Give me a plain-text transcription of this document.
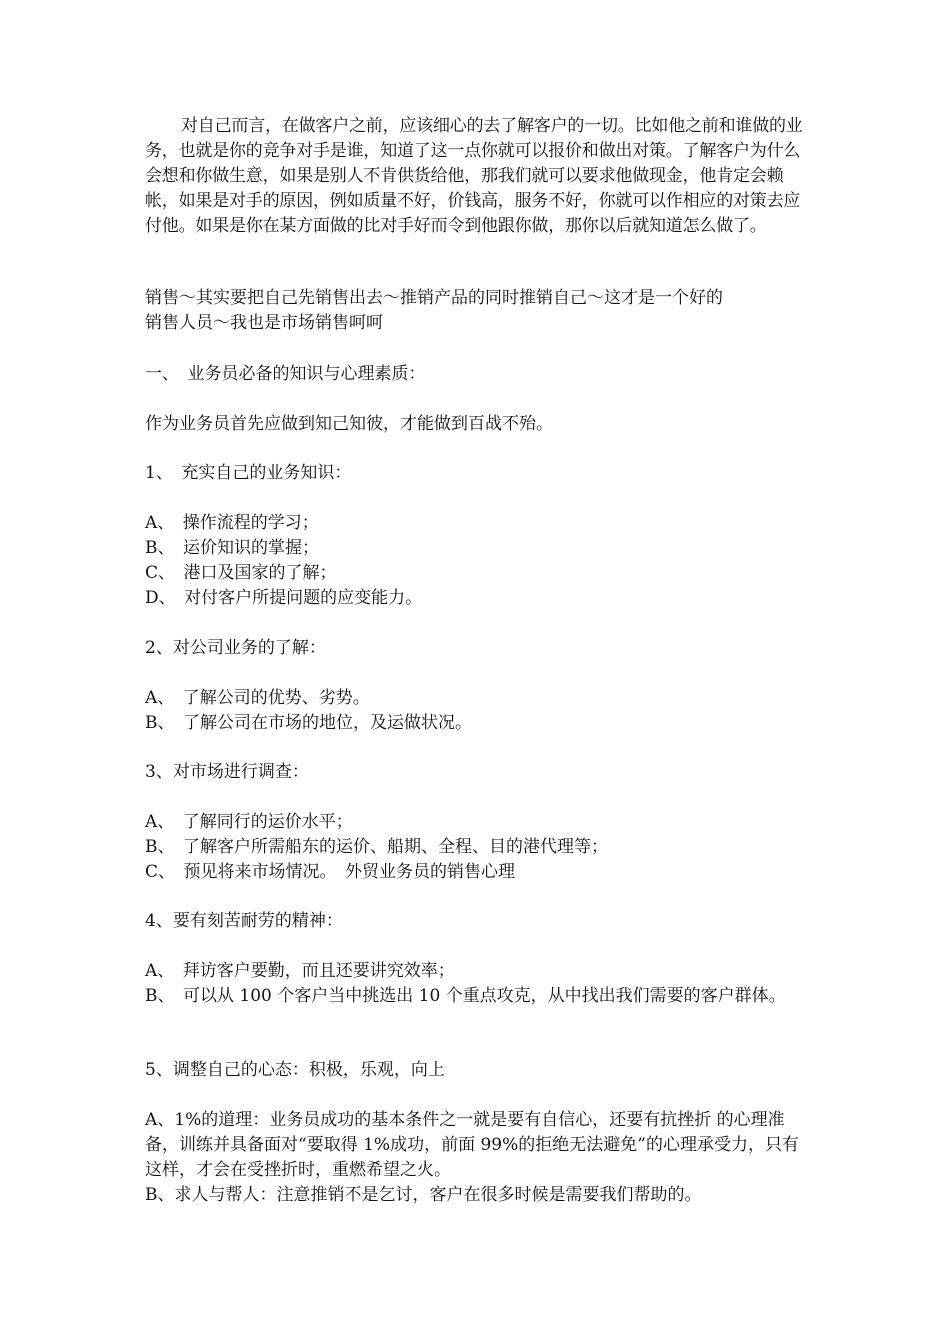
对自己而言，在做客户之前，应该细心的去了解客户的一切。比如他之前和谁做的业务，也就是你的竞争对手是谁，知道了这一点你就可以报价和做出对策。了解客户为什么会想和你做生意，如果是别人不肯供货给他，那我们就可以要求他做现金，他肯定会赖帐，如果是对手的原因，例如质量不好，价钱高，服务不好，你就可以作相应的对策去应付他。如果是你在某方面做的比对手好而令到他跟你做，那你以后就知道怎么做了。

销售～其实要把自己先销售出去～推销产品的同时推销自己～这才是一个好的
销售人员～我也是市场销售呵呵
一、　业务员必备的知识与心理素质：
作为业务员首先应做到知己知彼，才能做到百战不殆。
1、　充实自己的业务知识：
A、　操作流程的学习；
B、　运价知识的掌握；
C、　港口及国家的了解；
D、　对付客户所提问题的应变能力。
2、对公司业务的了解：
A、　了解公司的优势、劣势。
B、　了解公司在市场的地位，及运做状况。
3、对市场进行调查：
A、　了解同行的运价水平；
B、　了解客户所需船东的运价、船期、全程、目的港代理等；
C、　预见将来市场情况。　外贸业务员的销售心理
4、要有刻苦耐劳的精神：
A、　拜访客户要勤，而且还要讲究效率；
B、　可以从 100 个客户当中挑选出 10 个重点攻克，从中找出我们需要的客户群体。
5、调整自己的心态：积极，乐观，向上
A、1%的道理：业务员成功的基本条件之一就是要有自信心，还要有抗挫折 的心理准备，训练并具备面对“要取得 1%成功，前面 99%的拒绝无法避免”的心理承受力，只有这样，才会在受挫折时，重燃希望之火。
B、求人与帮人：注意推销不是乞讨，客户在很多时候是需要我们帮助的。
